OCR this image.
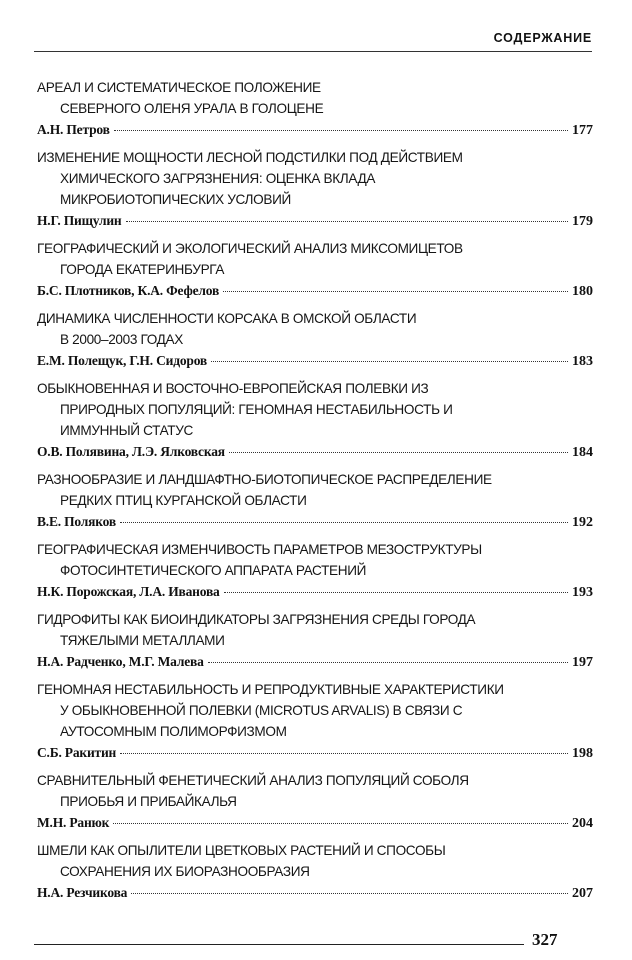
СОДЕРЖАНИЕ
АРЕАЛ И СИСТЕМАТИЧЕСКОЕ ПОЛОЖЕНИЕ
СЕВЕРНОГО ОЛЕНЯ УРАЛА В ГОЛОЦЕНЕ
А.Н. Петров	177
ИЗМЕНЕНИЕ МОЩНОСТИ ЛЕСНОЙ ПОДСТИЛКИ ПОД ДЕЙСТВИЕМ
ХИМИЧЕСКОГО ЗАГРЯЗНЕНИЯ: ОЦЕНКА ВКЛАДА
МИКРОБИОТОПИЧЕСКИХ УСЛОВИЙ
Н.Г. Пищулин	179
ГЕОГРАФИЧЕСКИЙ И ЭКОЛОГИЧЕСКИЙ АНАЛИЗ МИКСОМИЦЕТОВ
ГОРОДА ЕКАТЕРИНБУРГА
Б.С. Плотников, К.А. Фефелов	180
ДИНАМИКА ЧИСЛЕННОСТИ КОРСАКА В ОМСКОЙ ОБЛАСТИ
В 2000–2003 ГОДАХ
Е.М. Полещук, Г.Н. Сидоров	183
ОБЫКНОВЕННАЯ И ВОСТОЧНО-ЕВРОПЕЙСКАЯ ПОЛЕВКИ ИЗ
ПРИРОДНЫХ ПОПУЛЯЦИЙ: ГЕНОМНАЯ НЕСТАБИЛЬНОСТЬ И
ИММУННЫЙ СТАТУС
О.В. Полявина, Л.Э. Ялковская	184
РАЗНООБРАЗИЕ И ЛАНДШАФТНО-БИОТОПИЧЕСКОЕ РАСПРЕДЕЛЕНИЕ
РЕДКИХ ПТИЦ КУРГАНСКОЙ ОБЛАСТИ
В.Е. Поляков	192
ГЕОГРАФИЧЕСКАЯ ИЗМЕНЧИВОСТЬ ПАРАМЕТРОВ МЕЗОСТРУКТУРЫ
ФОТОСИНТЕТИЧЕСКОГО АППАРАТА РАСТЕНИЙ
Н.К. Порожская, Л.А. Иванова	193
ГИДРОФИТЫ КАК БИОИНДИКАТОРЫ ЗАГРЯЗНЕНИЯ СРЕДЫ ГОРОДА
ТЯЖЕЛЫМИ МЕТАЛЛАМИ
Н.А. Радченко, М.Г. Малева	197
ГЕНОМНАЯ НЕСТАБИЛЬНОСТЬ И РЕПРОДУКТИВНЫЕ ХАРАКТЕРИСТИКИ
У ОБЫКНОВЕННОЙ ПОЛЕВКИ (MICROTUS ARVALIS) В СВЯЗИ С
АУТОСОМНЫМ ПОЛИМОРФИЗМОМ
С.Б. Ракитин	198
СРАВНИТЕЛЬНЫЙ ФЕНЕТИЧЕСКИЙ АНАЛИЗ ПОПУЛЯЦИЙ СОБОЛЯ
ПРИОБЬЯ И ПРИБАЙКАЛЬЯ
М.Н. Ранюк	204
ШМЕЛИ КАК ОПЫЛИТЕЛИ ЦВЕТКОВЫХ РАСТЕНИЙ И СПОСОБЫ
СОХРАНЕНИЯ ИХ БИОРАЗНООБРАЗИЯ
Н.А. Резчикова	207
327
